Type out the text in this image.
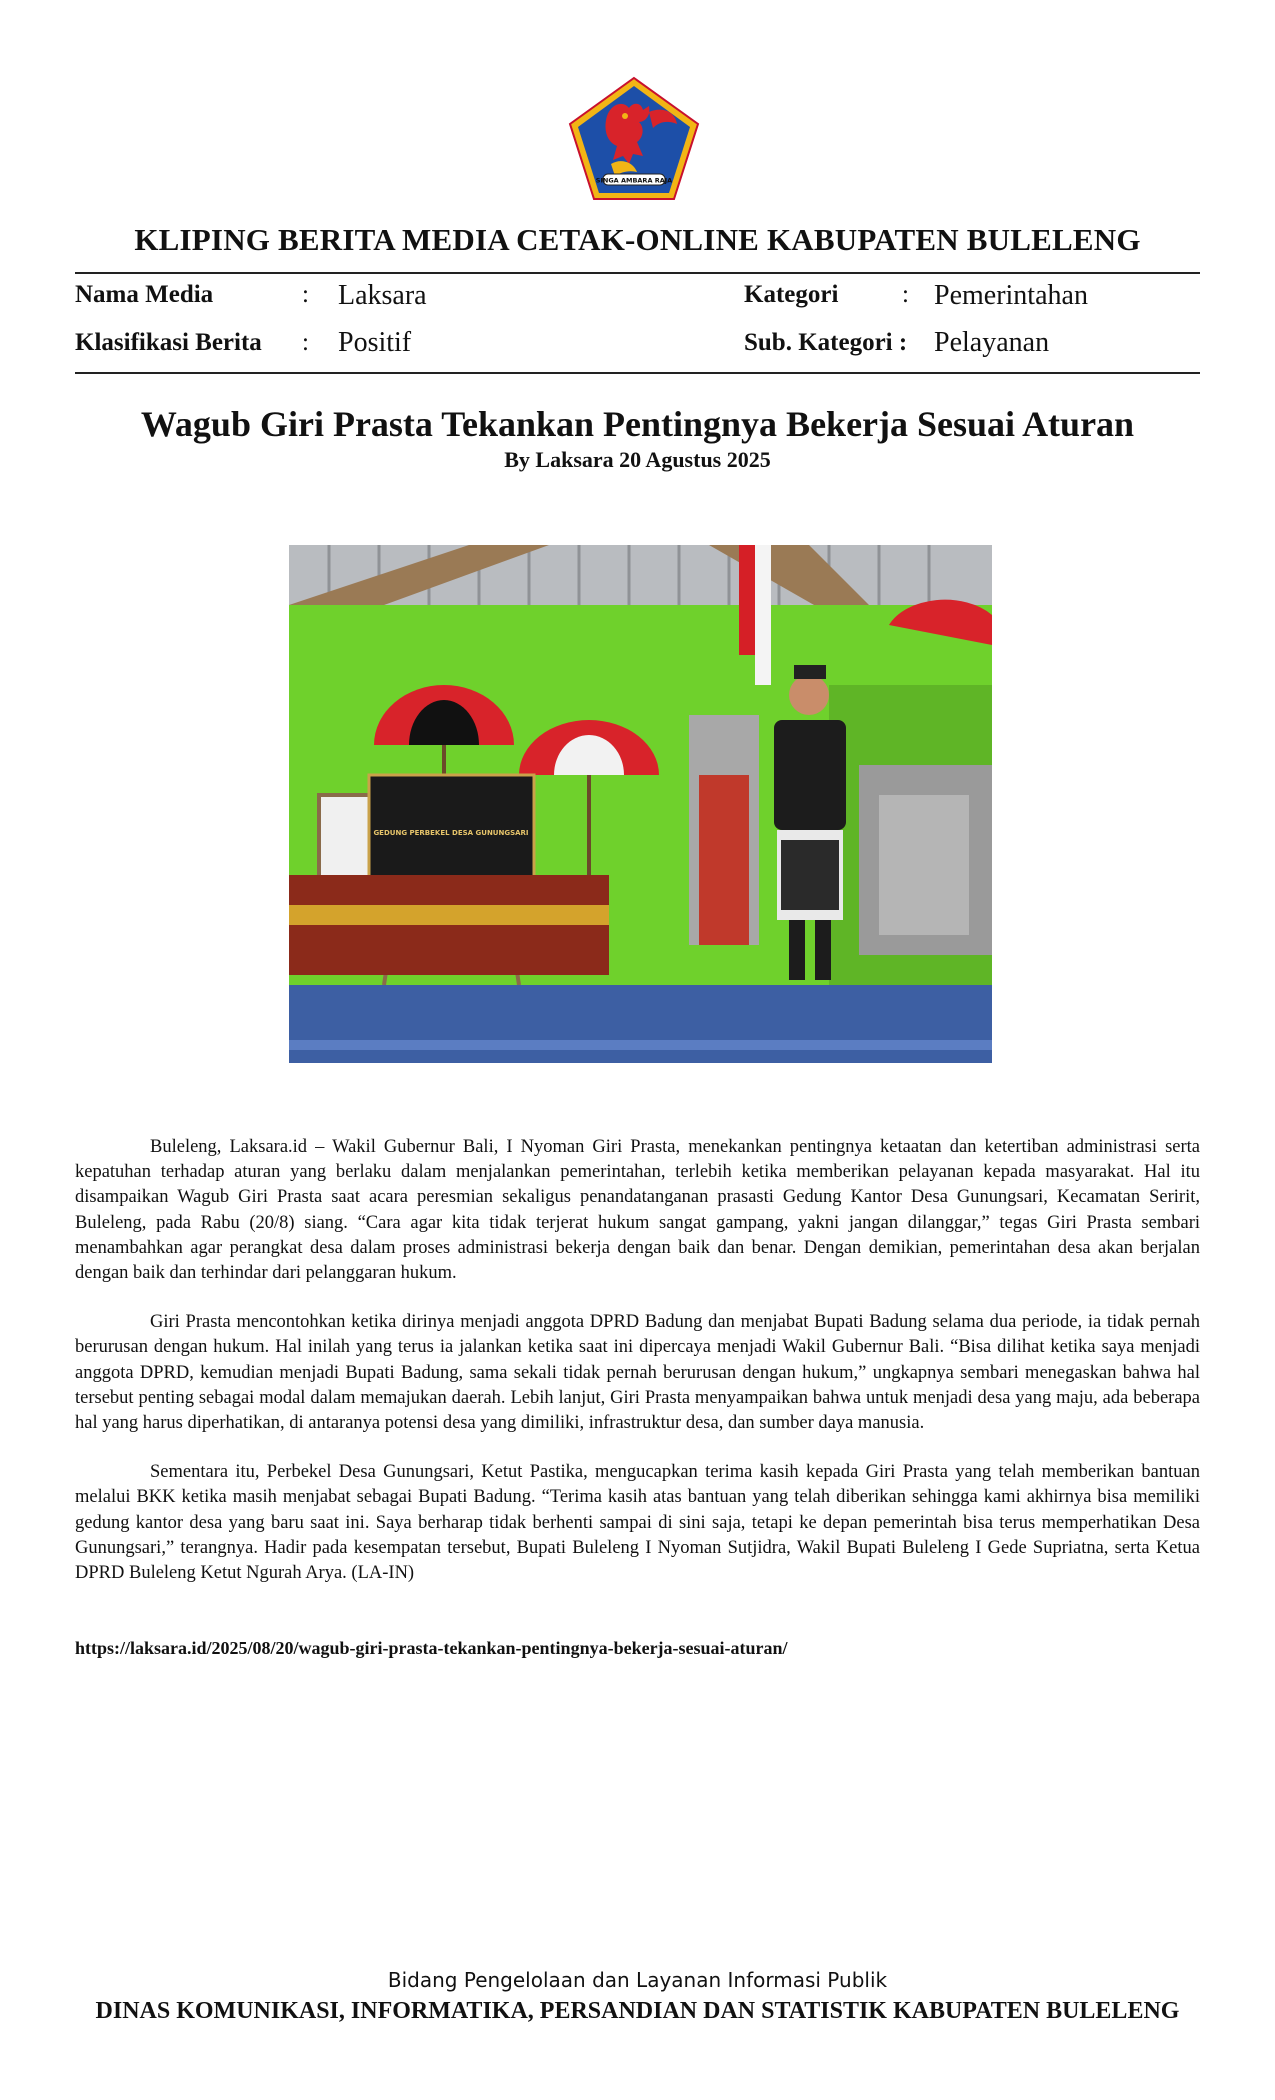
SINGA AMBARA RAJA
KLIPING BERITA MEDIA CETAK-ONLINE KABUPATEN BULELENG
Nama Media	: Laksara
Klasifikasi Berita : Positif
Kategori	: Pemerintahan
Sub. Kategori : Pelayanan
Wagub Giri Prasta Tekankan Pentingnya Bekerja Sesuai Aturan
By Laksara 20 Agustus 2025
GEDUNG PERBEKEL DESA GUNUNGSARI

Buleleng, Laksara.id – Wakil Gubernur Bali, I Nyoman Giri Prasta, menekankan pentingnya ketaatan dan ketertiban administrasi serta kepatuhan terhadap aturan yang berlaku dalam menjalankan pemerintahan, terlebih ketika memberikan pelayanan kepada masyarakat. Hal itu disampaikan Wagub Giri Prasta saat acara peresmian sekaligus penandatanganan prasasti Gedung Kantor Desa Gunungsari, Kecamatan Seririt, Buleleng, pada Rabu (20/8) siang. “Cara agar kita tidak terjerat hukum sangat gampang, yakni jangan dilanggar,” tegas Giri Prasta sembari menambahkan agar perangkat desa dalam proses administrasi bekerja dengan baik dan benar. Dengan demikian, pemerintahan desa akan berjalan dengan baik dan terhindar dari pelanggaran hukum.

Giri Prasta mencontohkan ketika dirinya menjadi anggota DPRD Badung dan menjabat Bupati Badung selama dua periode, ia tidak pernah berurusan dengan hukum. Hal inilah yang terus ia jalankan ketika saat ini dipercaya menjadi Wakil Gubernur Bali. “Bisa dilihat ketika saya menjadi anggota DPRD, kemudian menjadi Bupati Badung, sama sekali tidak pernah berurusan dengan hukum,” ungkapnya sembari menegaskan bahwa hal tersebut penting sebagai modal dalam memajukan daerah. Lebih lanjut, Giri Prasta menyampaikan bahwa untuk menjadi desa yang maju, ada beberapa hal yang harus diperhatikan, di antaranya potensi desa yang dimiliki, infrastruktur desa, dan sumber daya manusia.

Sementara itu, Perbekel Desa Gunungsari, Ketut Pastika, mengucapkan terima kasih kepada Giri Prasta yang telah memberikan bantuan melalui BKK ketika masih menjabat sebagai Bupati Badung. “Terima kasih atas bantuan yang telah diberikan sehingga kami akhirnya bisa memiliki gedung kantor desa yang baru saat ini. Saya berharap tidak berhenti sampai di sini saja, tetapi ke depan pemerintah bisa terus memperhatikan Desa Gunungsari,” terangnya. Hadir pada kesempatan tersebut, Bupati Buleleng I Nyoman Sutjidra, Wakil Bupati Buleleng I Gede Supriatna, serta Ketua DPRD Buleleng Ketut Ngurah Arya. (LA-IN)

https://laksara.id/2025/08/20/wagub-giri-prasta-tekankan-pentingnya-bekerja-sesuai-aturan/
Bidang Pengelolaan dan Layanan Informasi Publik
DINAS KOMUNIKASI, INFORMATIKA, PERSANDIAN DAN STATISTIK KABUPATEN BULELENG
